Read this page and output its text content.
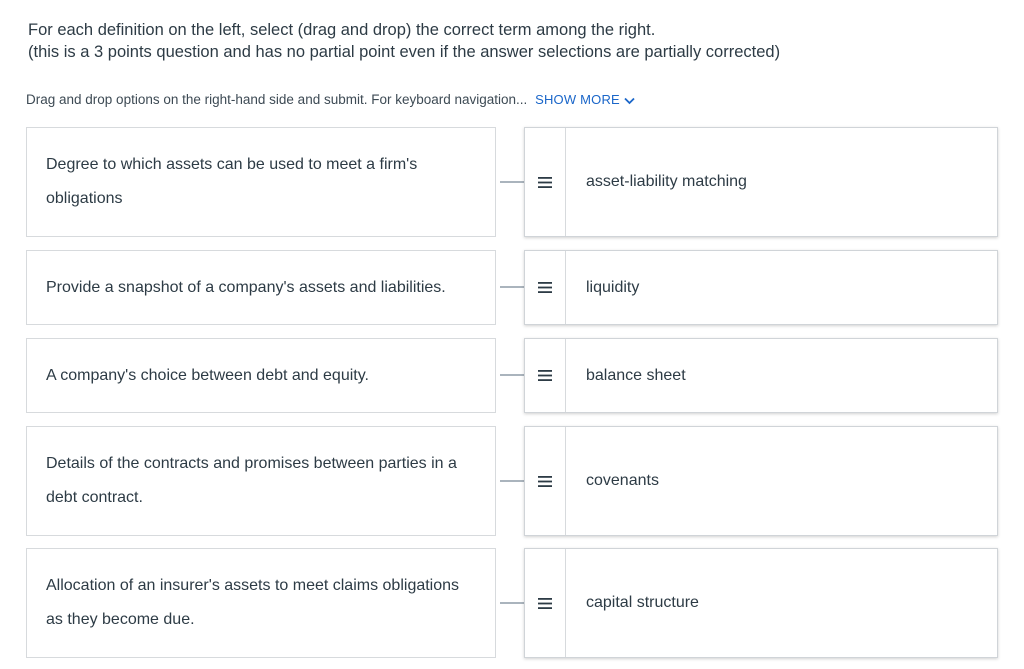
For each definition on the left, select (drag and drop) the correct term among the right.

(this is a 3 points question and has no partial point even if the answer selections are partially corrected)

Drag and drop options on the right-hand side and submit. For keyboard navigation... SHOW MORE
Degree to which assets can be used to meet a firm's obligations
asset-liability matching
Provide a snapshot of a company's assets and liabilities.	liquidity
A company's choice between debt and equity.	balance sheet
Details of the contracts and promises between parties in a debt contract.
covenants
Allocation of an insurer's assets to meet claims obligations as they become due.
capital structure
